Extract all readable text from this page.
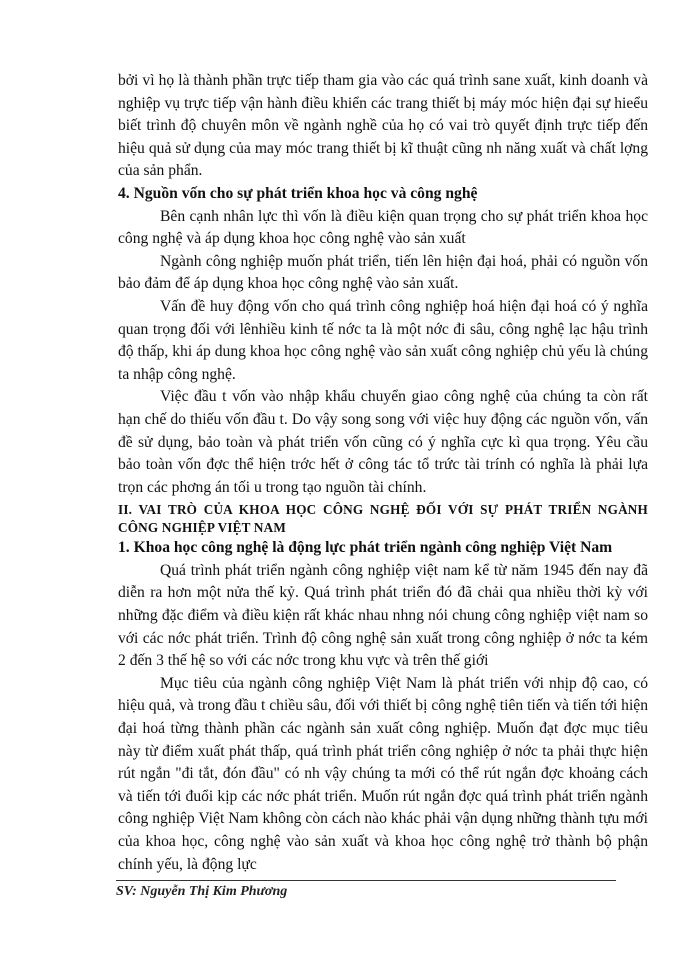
bởi vì họ là thành phần trực tiếp tham gia vào các quá trình sane xuất, kinh doanh và nghiệp vụ trực tiếp vận hành điều khiển các trang thiết bị máy móc hiện đại sự hieểu biết trình độ chuyên môn về ngành nghề của họ có vai trò quyết định trực tiếp đến hiệu quả sử dụng của may móc trang thiết bị kĩ thuật cũng nh năng xuất và chất lợng của sản phẩn.

4. Nguồn vốn cho sự phát triển khoa học và công nghệ

Bên cạnh nhân lực thì vốn là điều kiện quan trọng cho sự phát triển khoa học công nghệ và áp dụng khoa học công nghệ vào sản xuất

Ngành công nghiệp muốn phát triển, tiến lên hiện đại hoá, phải có nguồn vốn bảo đảm để áp dụng khoa học công nghệ vào sản xuất.

Vấn đề huy động vốn cho quá trình công nghiệp hoá hiện đại hoá có ý nghĩa quan trọng đối với lênhiều kinh tế nớc ta là một nớc đi sâu, công nghệ lạc hậu trình độ thấp, khi áp dung khoa học công nghệ vào sản xuất công nghiệp chủ yếu là chúng ta nhập công nghệ.

Việc đầu t vốn vào nhập khẩu chuyển giao công nghệ của chúng ta còn rất hạn chế do thiếu vốn đầu t. Do vậy song song với việc huy động các nguồn vốn, vấn đề sử dụng, bảo toàn và phát triển vốn cũng có ý nghĩa cực kì qua trọng. Yêu cầu bảo toàn vốn đợc thể hiện trớc hết ở công tác tổ trức tài trính có nghĩa là phải lựa trọn các phơng án tối u trong tạo nguồn tài chính.

II. VAI TRÒ CỦA KHOA HỌC CÔNG NGHỆ ĐỐI VỚI SỰ PHÁT TRIỂN NGÀNH CÔNG NGHIỆP VIỆT NAM

1. Khoa học công nghệ là động lực phát triển ngành công nghiệp Việt Nam

Quá trình phát triển ngành công nghiệp việt nam kể từ năm 1945 đến nay đã diễn ra hơn một nửa thế kỷ. Quá trình phát triển đó đã chải qua nhiều thời kỳ với những đặc điểm và điều kiện rất khác nhau nhng nói chung công nghiệp việt nam so với các nớc phát triển. Trình độ công nghệ sản xuất trong công nghiệp ở nớc ta kém 2 đến 3 thế hệ so với các nớc trong khu vực và trên thế giới

Mục tiêu của ngành công nghiệp Việt Nam là phát triển với nhịp độ cao, có hiệu quả, và trong đầu t chiều sâu, đối với thiết bị công nghệ tiên tiến và tiến tới hiện đại hoá từng thành phần các ngành sản xuất công nghiệp. Muốn đạt đợc mục tiêu này từ điểm xuất phát thấp, quá trình phát triển công nghiệp ở nớc ta phải thực hiện rút ngắn "đi tắt, đón đầu" có nh vậy chúng ta mới có thể rút ngắn đợc khoảng cách và tiến tới đuổi kịp các nớc phát triển. Muốn rút ngắn đợc quá trình phát triển ngành công nghiệp Việt Nam không còn cách nào khác phải vận dụng những thành tựu mới của khoa học, công nghệ vào sản xuất và khoa học công nghệ trở thành bộ phận chính yếu, là động lực

SV: Nguyễn Thị Kim Phương
